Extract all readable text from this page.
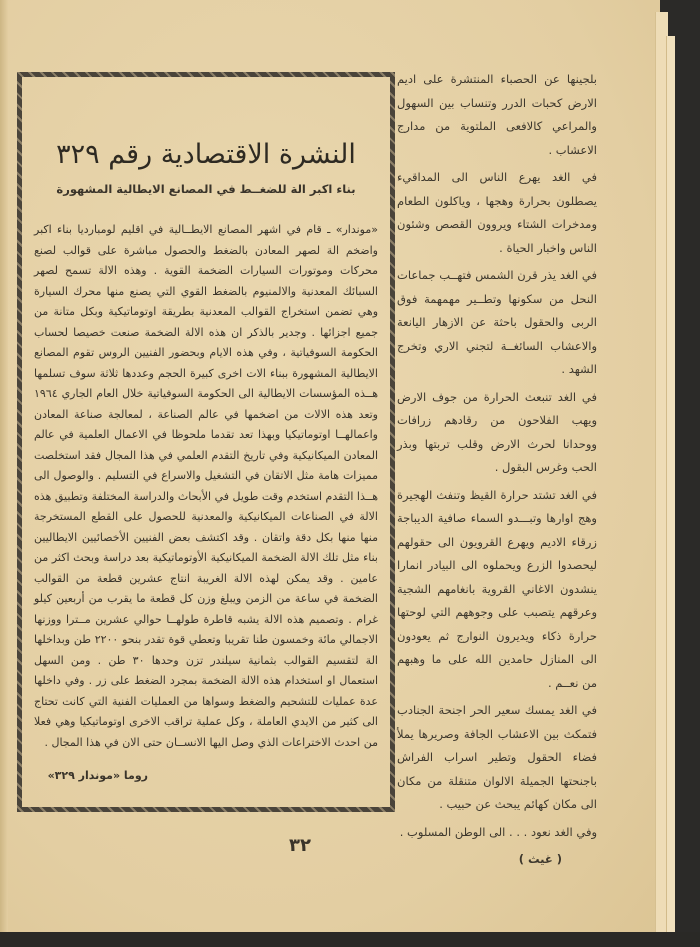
النشرة الاقتصادية رقم ٣٢٩
بناء اكبر الة للضغــط في المصانع الايطالية المشهورة

«موندار» ـ قام في اشهر المصانع الايطــالية في اقليم لومبارديا بناء اكبر واضخم الة لصهر المعادن بالضغط والحصول مباشرة على قوالب لصنع محركات وموتورات السيارات الضخمة القوية . وهذه الالة تسمح لصهر السبائك المعدنية والالمنيوم بالضغط القوي التي يصنع منها محرك السيارة وهي تضمن استخراج القوالب المعدنية بطريقة اوتوماتيكية وبكل متانة من جميع اجزائها . وجدير بالذكر ان هذه الالة الضخمة صنعت خصيصا لحساب الحكومة السوفياتية ، وفي هذه الايام وبحضور الفنيين الروس تقوم المصانع الايطالية المشهورة ببناء الات اخرى كبيرة الحجم وعددها ثلاثة سوف تسلمها هــذه المؤسسات الايطالية الى الحكومة السوفياتية خلال العام الجاري ١٩٦٤ وتعد هذه الالات من اضخمها في عالم الصناعة ، لمعالجة صناعة المعادن واعمالهــا اوتوماتيكيا وبهذا تعد تقدما ملحوظا في الاعمال العلمية في عالم المعادن الميكانيكية وفي تاريخ التقدم العلمي في هذا المجال فقد استخلصت مميزات هامة مثل الاتقان في التشغيل والاسراع في التسليم . والوصول الى هــذا التقدم استخدم وقت طويل في الأبحاث والدراسة المختلفة وتطبيق هذه الالة في الصناعات الميكانيكية والمعدنية للحصول على القطع المستخرجة منها منها بكل دقة واتقان . وقد اكتشف بعض الفنيين الأخصائيين الايطاليين بناء مثل تلك الالة الضخمة الميكانيكية الأوتوماتيكية بعد دراسة وبحث اكثر من عامين . وقد يمكن لهذه الالة الغريبة انتاج عشرين قطعة من القوالب الضخمة في ساعة من الزمن ويبلغ وزن كل قطعة ما يقرب من أربعين كيلو غرام . وتصميم هذه الالة يشبه قاطرة طولهــا حوالي عشرين مــترا ووزنها الاجمالي مائة وخمسون طنا تقريبا وتعطي قوة تقدر بنحو ٢٢٠٠ طن وبداخلها الة لتقسيم القوالب بثمانية سيلندر تزن وحدها ٣٠ طن . ومن السهل استعمال او استخدام هذه الالة الضخمة بمجرد الضغط على زر . وفي داخلها عدة عمليات للتشحيم والضغط وسواها من العمليات الفنية التي كانت تحتاج الى كثير من الايدي العاملة ، وكل عملية تراقب الاخرى اوتوماتيكيا وهي فعلا من احدث الاختراعات الذي وصل اليها الانســان حتى الان في هذا المجال .

روما «موندار ٣٢٩»

بلجينها عن الحصباء المنتشرة على اديم الارض كحبات الدرر وتنساب بين السهول والمراعي كالافعى الملتوية من مدارج الاعشاب .

في الغد يهرع الناس الى المداقيء يصطلون بحرارة وهجها ، وياكلون الطعام ومدخرات الشتاء ويروون القصص وشئون الناس واخبار الحياة .

في الغد يذر قرن الشمس فتهــب جماعات النحل من سكونها وتطــير مهمهمة فوق الربى والحقول باحثة عن الازهار اليانعة والاعشاب السائغــة لتجني الاري وتخرج الشهد .

في الغد تنبعث الحرارة من جوف الارض ويهب الفلاحون من رقادهم زرافات ووحدانا لحرث الارض وقلب تربتها وبذر الحب وغرس البقول .

في الغد تشتد حرارة القيظ وتنفث الهجيرة وهج اوارها وتبـــدو السماء صافية الديباجة زرقاء الاديم ويهرع القرويون الى حقولهم ليحصدوا الزرع ويحملوه الى البيادر انمارا ينشدون الاغاني القروية بانغامهم الشجية وعرقهم يتصبب على وجوههم التي لوحتها حرارة ذكاء ويديرون النوارج ثم يعودون الى المنازل حامدين الله على ما وهبهم من نعــم .

في الغد يمسك سعير الحر اجنحة الجنادب فتمكث بين الاعشاب الجافة وصريرها يملأ فضاء الحقول وتطير اسراب الفراش باجنحتها الجميلة الالوان متنقلة من مكان الى مكان كهائم يبحث عن حبيب .

وفي الغد نعود . . . الى الوطن المسلوب .

( غيث )
٣٢
